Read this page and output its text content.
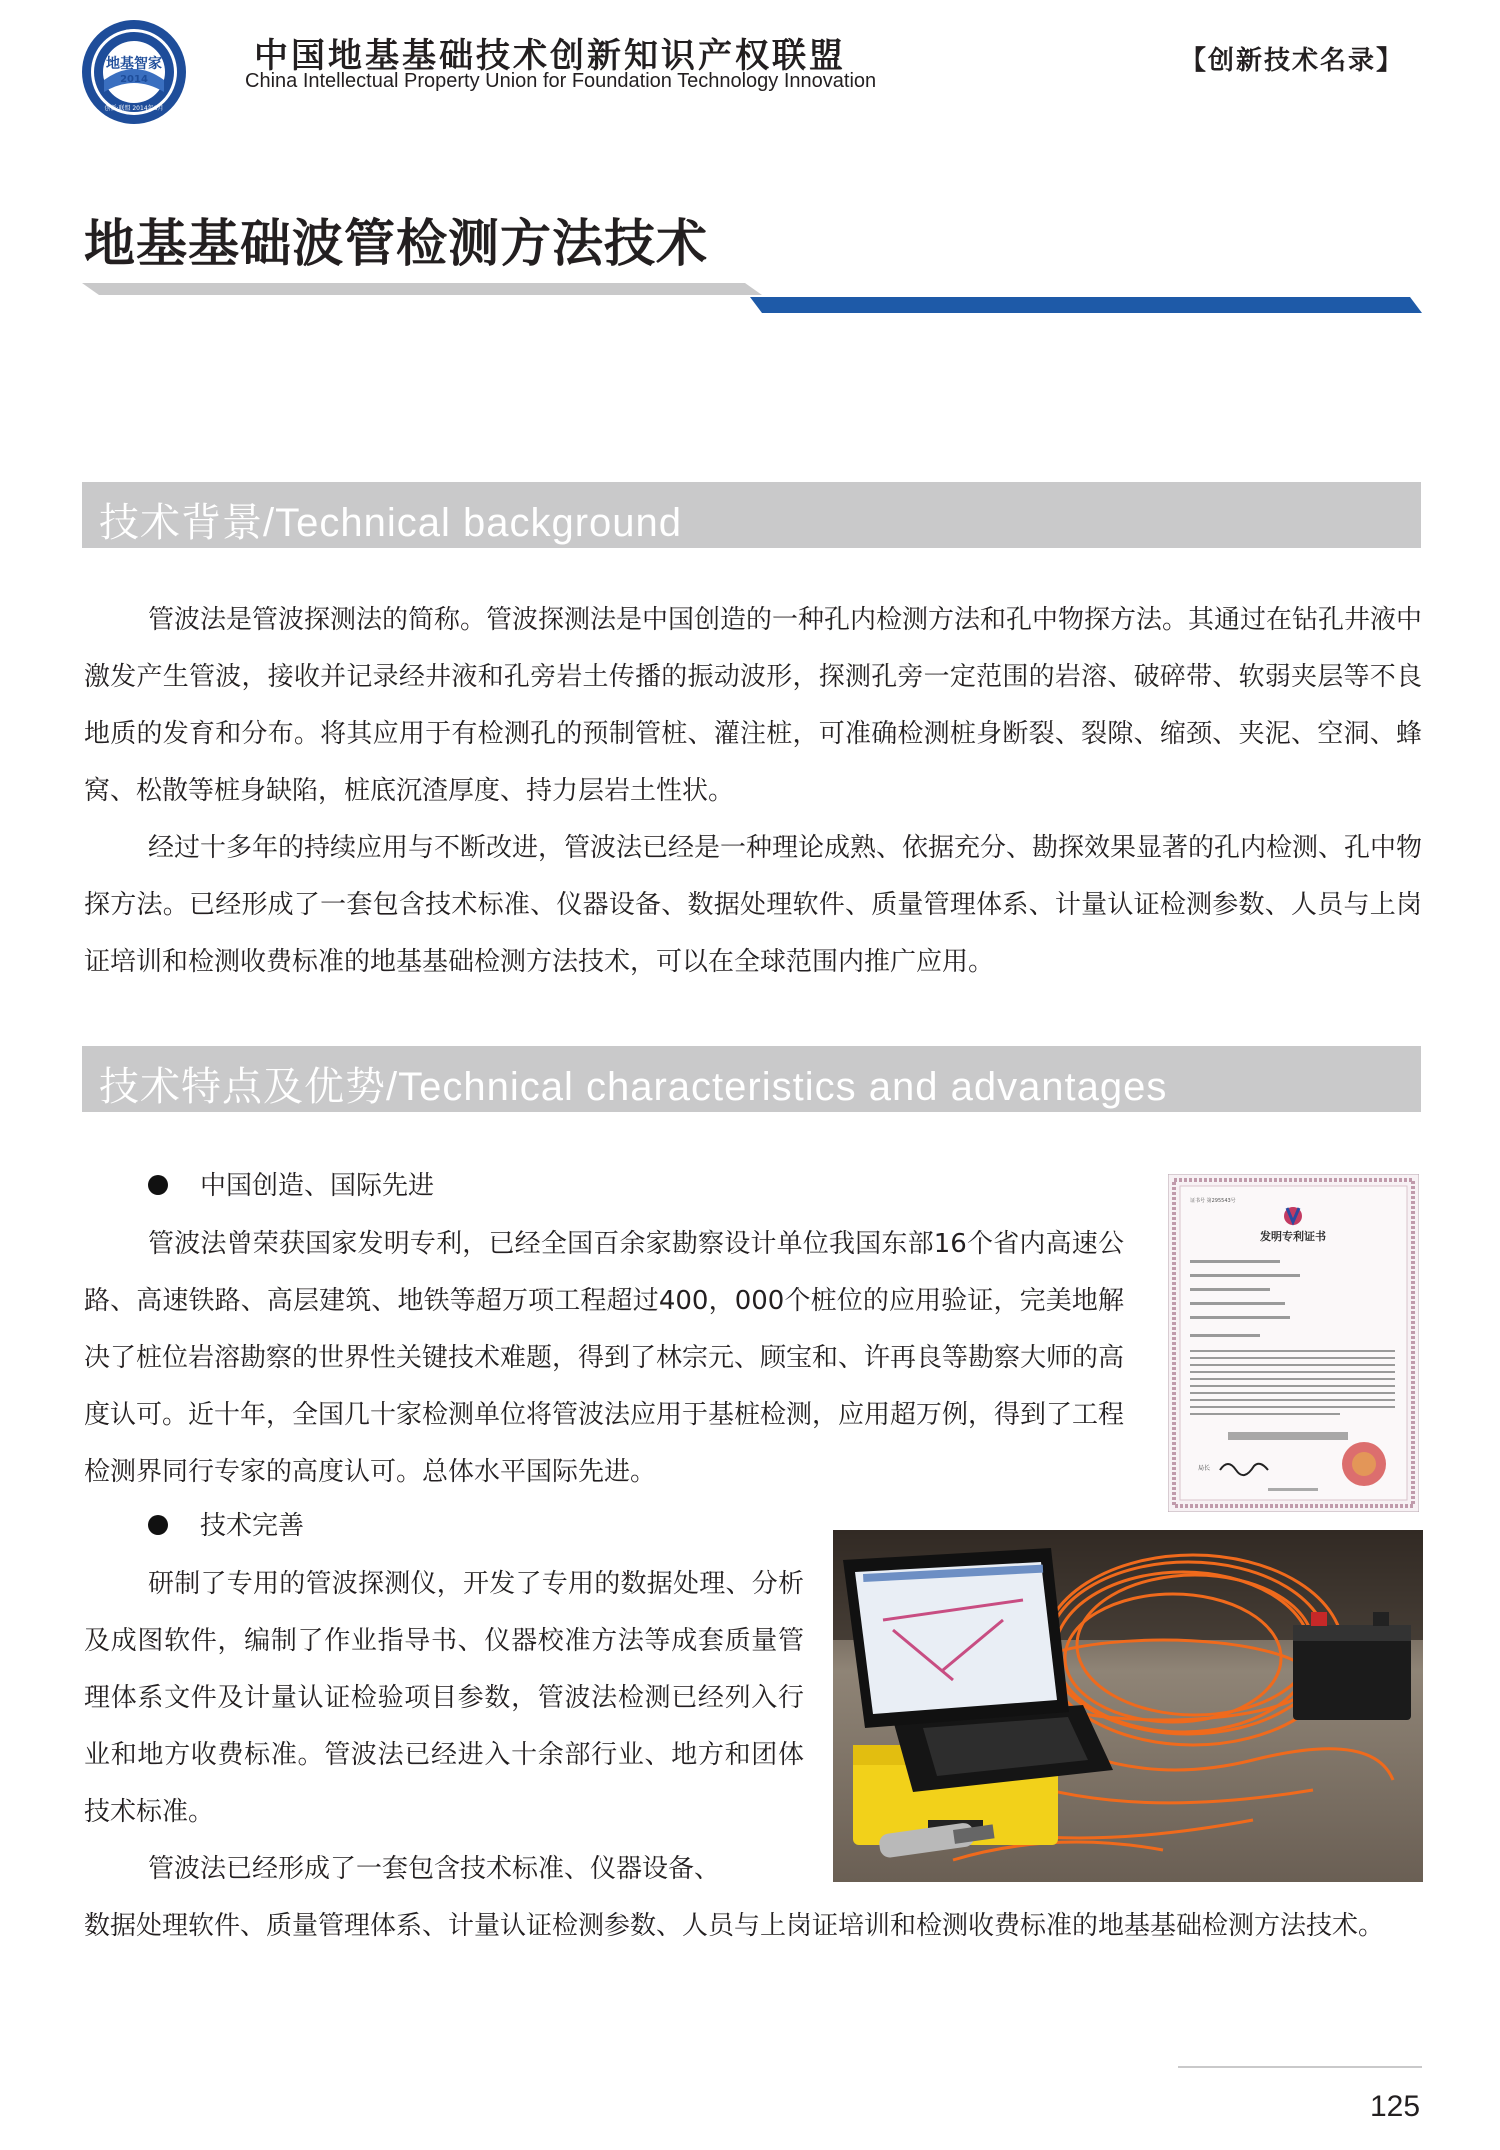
地基智家
2014
创新·联盟 2014年6月
中国地基基础技术创新知识产权联盟
China Intellectual Property Union for Foundation Technology Innovation
【创新技术名录】
地基基础波管检测方法技术
技术背景/Technical background

管波法是管波探测法的简称。管波探测法是中国创造的一种孔内检测方法和孔中物探方法。其通过在钻孔井液中激发产生管波，接收并记录经井液和孔旁岩土传播的振动波形，探测孔旁一定范围的岩溶、破碎带、软弱夹层等不良地质的发育和分布。将其应用于有检测孔的预制管桩、灌注桩，可准确检测桩身断裂、裂隙、缩颈、夹泥、空洞、蜂窝、松散等桩身缺陷，桩底沉渣厚度、持力层岩土性状。

经过十多年的持续应用与不断改进，管波法已经是一种理论成熟、依据充分、勘探效果显著的孔内检测、孔中物探方法。已经形成了一套包含技术标准、仪器设备、数据处理软件、质量管理体系、计量认证检测参数、人员与上岗证培训和检测收费标准的地基基础检测方法技术，可以在全球范围内推广应用。

技术特点及优势/Technical characteristics and advantages
中国创造、国际先进

管波法曾荣获国家发明专利，已经全国百余家勘察设计单位我国东部16个省内高速公路、高速铁路、高层建筑、地铁等超万项工程超过400，000个桩位的应用验证，完美地解决了桩位岩溶勘察的世界性关键技术难题，得到了林宗元、顾宝和、许再良等勘察大师的高度认可。近十年，全国几十家检测单位将管波法应用于基桩检测，应用超万例，得到了工程检测界同行专家的高度认可。总体水平国际先进。

技术完善

研制了专用的管波探测仪，开发了专用的数据处理、分析及成图软件，编制了作业指导书、仪器校准方法等成套质量管理体系文件及计量认证检验项目参数，管波法检测已经列入行业和地方收费标准。管波法已经进入十余部行业、地方和团体技术标准。

管波法已经形成了一套包含技术标准、仪器设备、

数据处理软件、质量管理体系、计量认证检测参数、人员与上岗证培训和检测收费标准的地基基础检测方法技术。

证书号 第295543号
发明专利证书
局长
125
